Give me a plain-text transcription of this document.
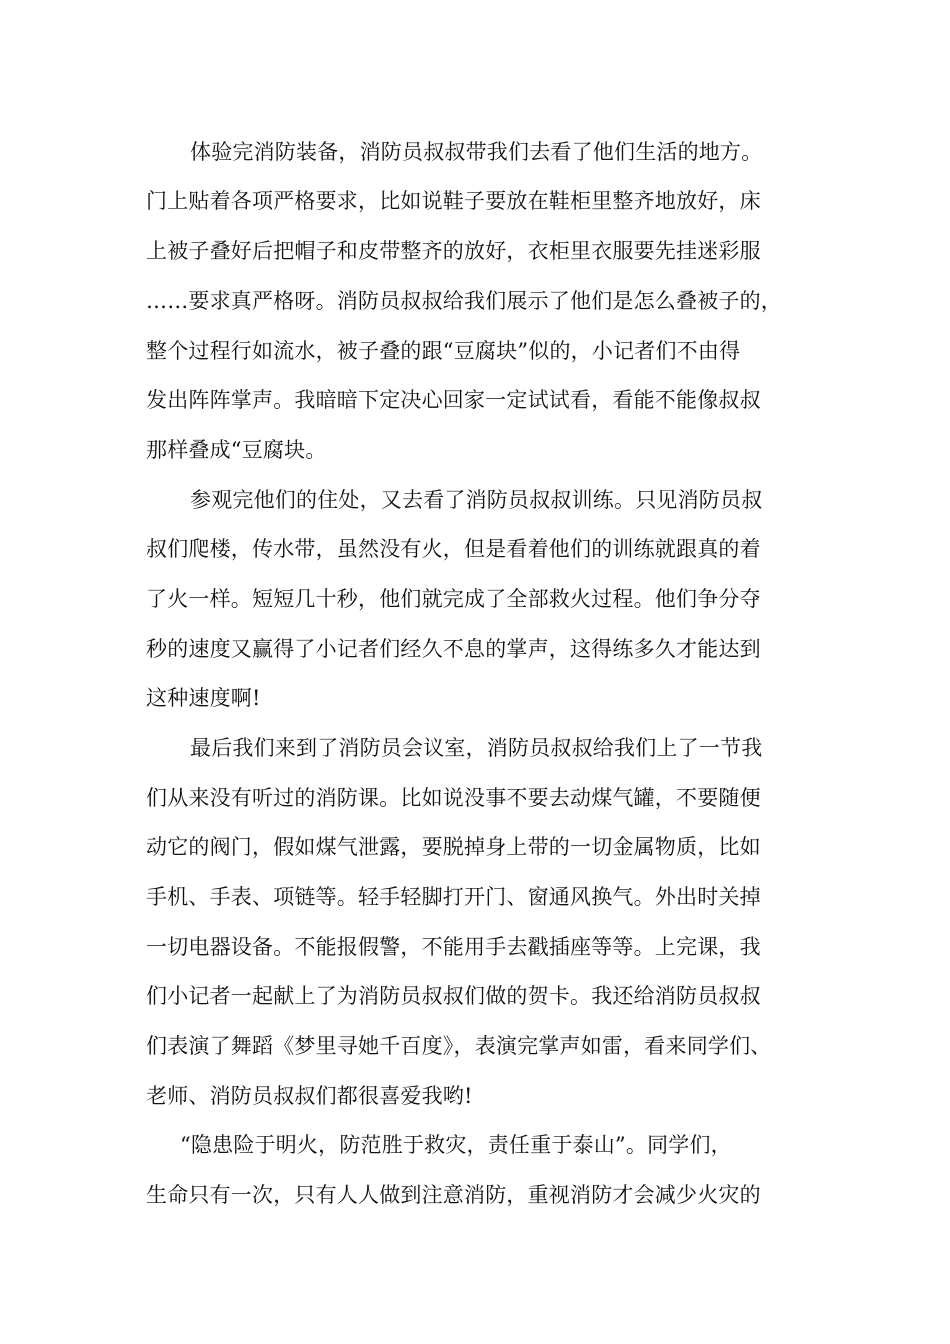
体验完消防装备，消防员叔叔带我们去看了他们生活的地方。

门上贴着各项严格要求，比如说鞋子要放在鞋柜里整齐地放好，床

上被子叠好后把帽子和皮带整齐的放好，衣柜里衣服要先挂迷彩服

……要求真严格呀。消防员叔叔给我们展示了他们是怎么叠被子的，

整个过程行如流水，被子叠的跟“豆腐块”似的，小记者们不由得

发出阵阵掌声。我暗暗下定决心回家一定试试看，看能不能像叔叔

那样叠成“豆腐块。

参观完他们的住处，又去看了消防员叔叔训练。只见消防员叔

叔们爬楼，传水带，虽然没有火，但是看着他们的训练就跟真的着

了火一样。短短几十秒，他们就完成了全部救火过程。他们争分夺

秒的速度又赢得了小记者们经久不息的掌声，这得练多久才能达到

这种速度啊!

最后我们来到了消防员会议室，消防员叔叔给我们上了一节我

们从来没有听过的消防课。比如说没事不要去动煤气罐，不要随便

动它的阀门，假如煤气泄露，要脱掉身上带的一切金属物质，比如

手机、手表、项链等。轻手轻脚打开门、窗通风换气。外出时关掉

一切电器设备。不能报假警，不能用手去戳插座等等。上完课，我

们小记者一起献上了为消防员叔叔们做的贺卡。我还给消防员叔叔

们表演了舞蹈《梦里寻她千百度》，表演完掌声如雷，看来同学们、

老师、消防员叔叔们都很喜爱我哟!

“隐患险于明火，防范胜于救灾，责任重于泰山”。同学们，

生命只有一次，只有人人做到注意消防，重视消防才会减少火灾的
